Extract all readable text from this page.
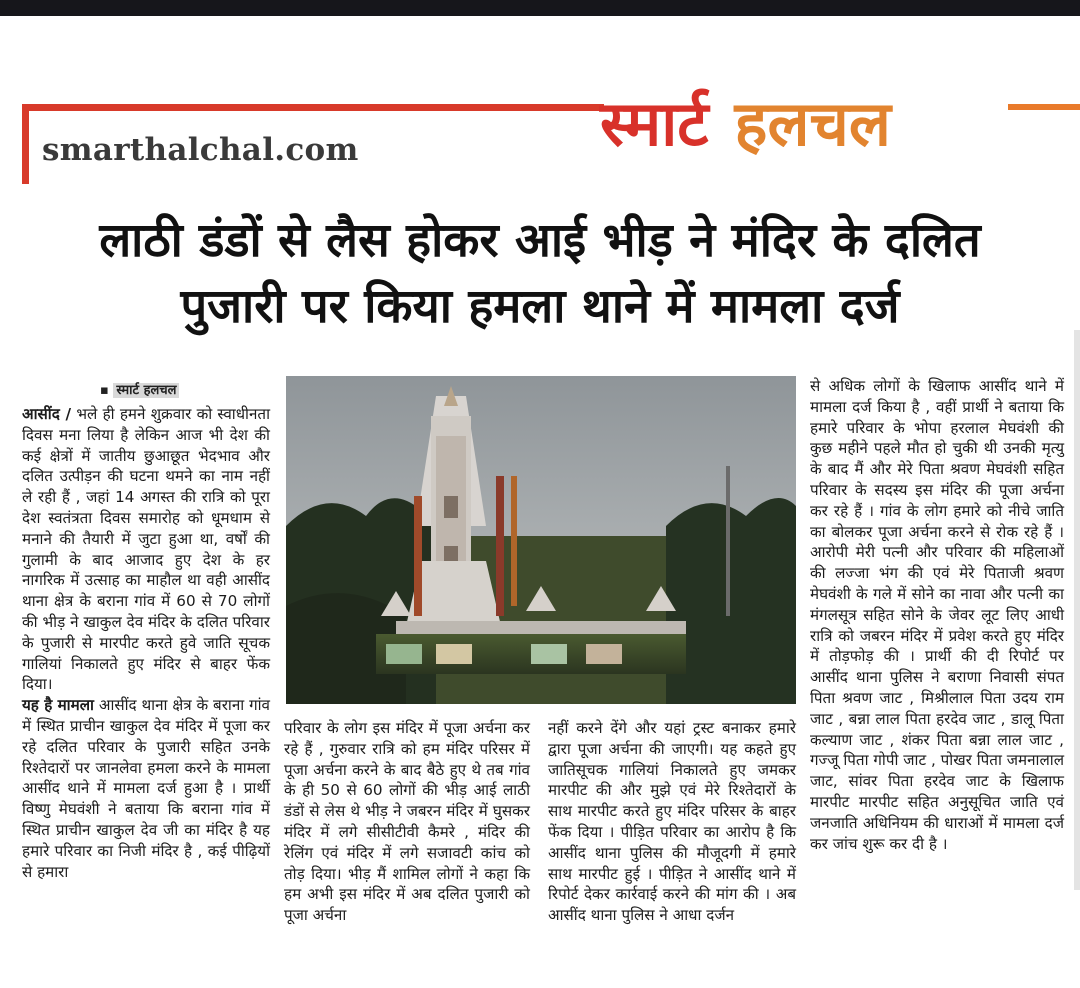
smarthalchal.com	स्मार्ट हलचल
लाठी डंडों से लैस होकर आई भीड़ ने मंदिर के दलित
पुजारी पर किया हमला थाने में मामला दर्ज
▪ स्मार्ट हलचल

आसींद / भले ही हमने शुक्रवार को स्वाधीनता दिवस मना लिया है लेकिन आज भी देश की कई क्षेत्रों में जातीय छुआछूत भेदभाव और दलित उत्पीड़न की घटना थमने का नाम नहीं ले रही हैं , जहां 14 अगस्त की रात्रि को पूरा देश स्वतंत्रता दिवस समारोह को धूमधाम से मनाने की तैयारी में जुटा हुआ था, वर्षों की गुलामी के बाद आजाद हुए देश के हर नागरिक में उत्साह का माहौल था वही आसींद थाना क्षेत्र के बराना गांव में 60 से 70 लोगों की भीड़ ने खाकुल देव मंदिर के दलित परिवार के पुजारी से मारपीट करते हुवे जाति सूचक गालियां निकालते हुए मंदिर से बाहर फेंक दिया।

यह है मामला आसींद थाना क्षेत्र के बराना गांव में स्थित प्राचीन खाकुल देव मंदिर में पूजा कर रहे दलित परिवार के पुजारी सहित उनके रिश्तेदारों पर जानलेवा हमला करने के मामला आसींद थाने में मामला दर्ज हुआ है । प्रार्थी विष्णु मेघवंशी ने बताया कि बराना गांव में स्थित प्राचीन खाकुल देव जी का मंदिर है यह हमारे परिवार का निजी मंदिर है , कई पीढ़ियों से हमारा

परिवार के लोग इस मंदिर में पूजा अर्चना कर रहे हैं , गुरुवार रात्रि को हम मंदिर परिसर में पूजा अर्चना करने के बाद बैठे हुए थे तब गांव के ही 50 से 60 लोगों की भीड़ आई लाठी डंडों से लेस थे भीड़ ने जबरन मंदिर में घुसकर मंदिर में लगे सीसीटीवी कैमरे , मंदिर की रेलिंग एवं मंदिर में लगे सजावटी कांच को तोड़ दिया। भीड़ मैं शामिल लोगों ने कहा कि हम अभी इस मंदिर में अब दलित पुजारी को पूजा अर्चना

नहीं करने देंगे और यहां ट्रस्ट बनाकर हमारे द्वारा पूजा अर्चना की जाएगी। यह कहते हुए जातिसूचक गालियां निकालते हुए जमकर मारपीट की और मुझे एवं मेरे रिश्तेदारों के साथ मारपीट करते हुए मंदिर परिसर के बाहर फेंक दिया । पीड़ित परिवार का आरोप है कि आसींद थाना पुलिस की मौजूदगी में हमारे साथ मारपीट हुई । पीड़ित ने आसींद थाने में रिपोर्ट देकर कार्रवाई करने की मांग की । अब आसींद थाना पुलिस ने आधा दर्जन

से अधिक लोगों के खिलाफ आसींद थाने में मामला दर्ज किया है , वहीं प्रार्थी ने बताया कि हमारे परिवार के भोपा हरलाल मेघवंशी की कुछ महीने पहले मौत हो चुकी थी उनकी मृत्यु के बाद मैं और मेरे पिता श्रवण मेघवंशी सहित परिवार के सदस्य इस मंदिर की पूजा अर्चना कर रहे हैं । गांव के लोग हमारे को नीचे जाति का बोलकर पूजा अर्चना करने से रोक रहे हैं । आरोपी मेरी पत्नी और परिवार की महिलाओं की लज्जा भंग की एवं मेरे पिताजी श्रवण मेघवंशी के गले में सोने का नावा और पत्नी का मंगलसूत्र सहित सोने के जेवर लूट लिए आधी रात्रि को जबरन मंदिर में प्रवेश करते हुए मंदिर में तोड़फोड़ की । प्रार्थी की दी रिपोर्ट पर आसींद थाना पुलिस ने बराणा निवासी संपत पिता श्रवण जाट , मिश्रीलाल पिता उदय राम जाट , बन्ना लाल पिता हरदेव जाट , डालू पिता कल्याण जाट , शंकर पिता बन्ना लाल जाट , गज्जू पिता गोपी जाट , पोखर पिता जमनालाल जाट, सांवर पिता हरदेव जाट के खिलाफ मारपीट मारपीट सहित अनुसूचित जाति एवं जनजाति अधिनियम की धाराओं में मामला दर्ज कर जांच शुरू कर दी है ।
